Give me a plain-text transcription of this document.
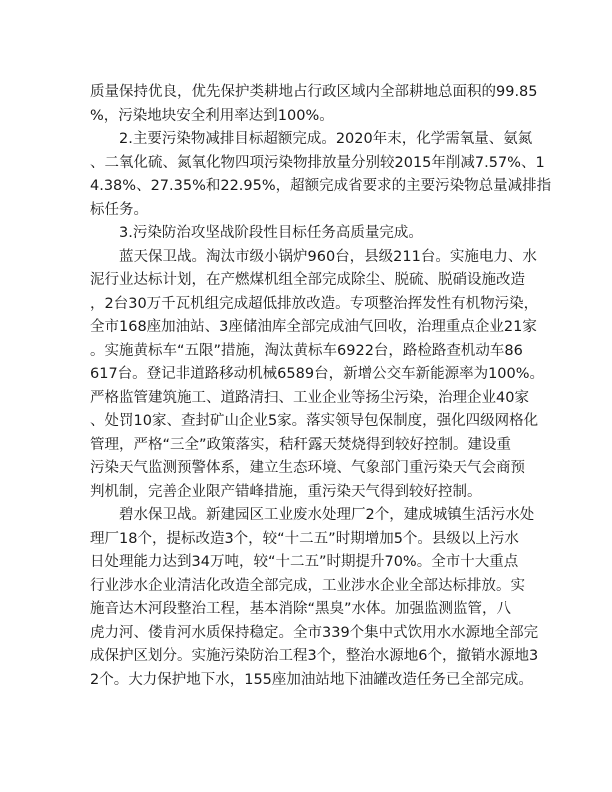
质量保持优良，优先保护类耕地占行政区域内全部耕地总面积的99.85
%，污染地块安全利用率达到100%。
　　2.主要污染物减排目标超额完成。2020年末，化学需氧量、氨氮
、二氧化硫、氮氧化物四项污染物排放量分别较2015年削减7.57%、1
4.38%、27.35%和22.95%，超额完成省要求的主要污染物总量减排指
标任务。
　　3.污染防治攻坚战阶段性目标任务高质量完成。
　　蓝天保卫战。淘汰市级小锅炉960台，县级211台。实施电力、水
泥行业达标计划，在产燃煤机组全部完成除尘、脱硫、脱硝设施改造
，2台30万千瓦机组完成超低排放改造。专项整治挥发性有机物污染，
全市168座加油站、3座储油库全部完成油气回收，治理重点企业21家
。实施黄标车“五限”措施，淘汰黄标车6922台，路检路查机动车86
617台。登记非道路移动机械6589台，新增公交车新能源率为100%。
严格监管建筑施工、道路清扫、工业企业等扬尘污染，治理企业40家
、处罚10家、查封矿山企业5家。落实领导包保制度，强化四级网格化
管理，严格“三全”政策落实，秸秆露天焚烧得到较好控制。建设重
污染天气监测预警体系，建立生态环境、气象部门重污染天气会商预
判机制，完善企业限产错峰措施，重污染天气得到较好控制。
　　碧水保卫战。新建园区工业废水处理厂2个，建成城镇生活污水处
理厂18个，提标改造3个，较“十二五”时期增加5个。县级以上污水
日处理能力达到34万吨，较“十二五”时期提升70%。全市十大重点
行业涉水企业清洁化改造全部完成，工业涉水企业全部达标排放。实
施音达木河段整治工程，基本消除“黑臭”水体。加强监测监管，八
虎力河、偻肯河水质保持稳定。全市339个集中式饮用水水源地全部完
成保护区划分。实施污染防治工程3个，整治水源地6个，撤销水源地3
2个。大力保护地下水，155座加油站地下油罐改造任务已全部完成。
